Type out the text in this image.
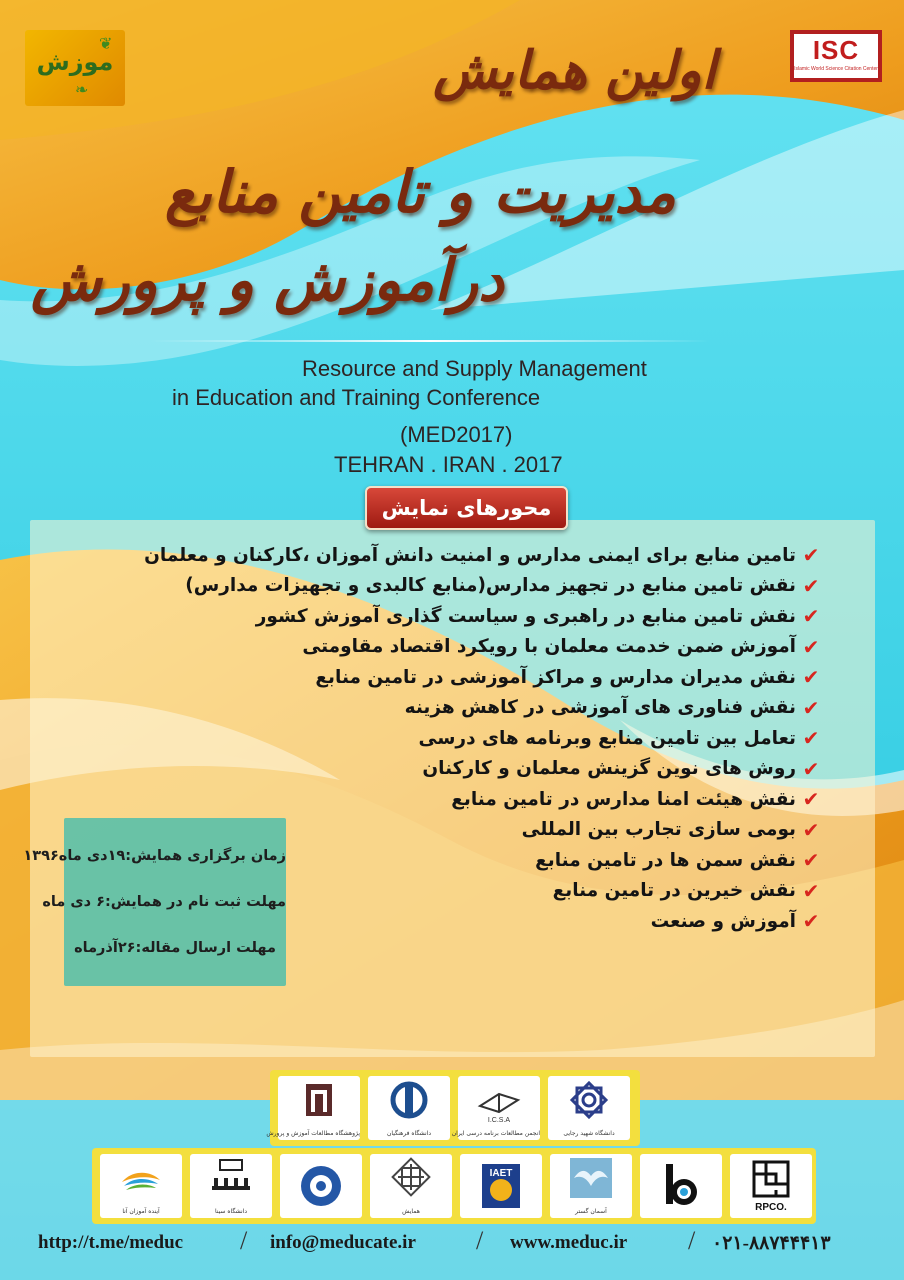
❦
❧
موزش	ISC
Islamic World Science Citation Center
اولین همایش
مدیریت و تامین منابع
درآموزش و پرورش
Resource and Supply Management
in Education and Training Conference
(MED2017)
TEHRAN . IRAN . 2017
محورهای نمایش
✔
تامین منابع برای ایمنی مدارس و امنیت دانش آموزان ،کارکنان و معلمان
✔
نقش تامین منابع در تجهیز مدارس(منابع کالبدی و تجهیزات مدارس)
✔
نقش تامین منابع در راهبری و سیاست گذاری آموزش کشور
✔
آموزش ضمن خدمت معلمان با رویکرد اقتصاد مقاومتی
✔
نقش مدیران مدارس و مراکز آموزشی در تامین منابع
✔
نقش فناوری های آموزشی در کاهش هزینه
✔
تعامل بین تامین منابع وبرنامه های درسی
✔
روش های نوین گزینش معلمان و کارکنان
✔
نقش هیئت امنا مدارس در تامین منابع
✔
بومی سازی تجارب بین المللی
✔
نقش سمن ها در تامین منابع
✔
نقش خیرین در تامین منابع
✔
آموزش و صنعت
زمان برگزاری همایش:۱۹دی ماه۱۳۹۶
مهلت ثبت نام در همایش:۶ دی ماه
مهلت ارسال مقاله:۲۶آذرماه
پژوهشگاه مطالعات آموزش و پرورش	دانشگاه فرهنگیان
I.C.S.A
انجمن مطالعات برنامه درسی ایران	دانشگاه شهید رجایی
آینده آموزان آنا	دانشگاه سینا	همایش
IAET
آسمان گستر	RPCO.
http://t.me/meduc / info@meducate.ir / www.meduc.ir / ۰۲۱-۸۸۷۴۴۴۱۳
